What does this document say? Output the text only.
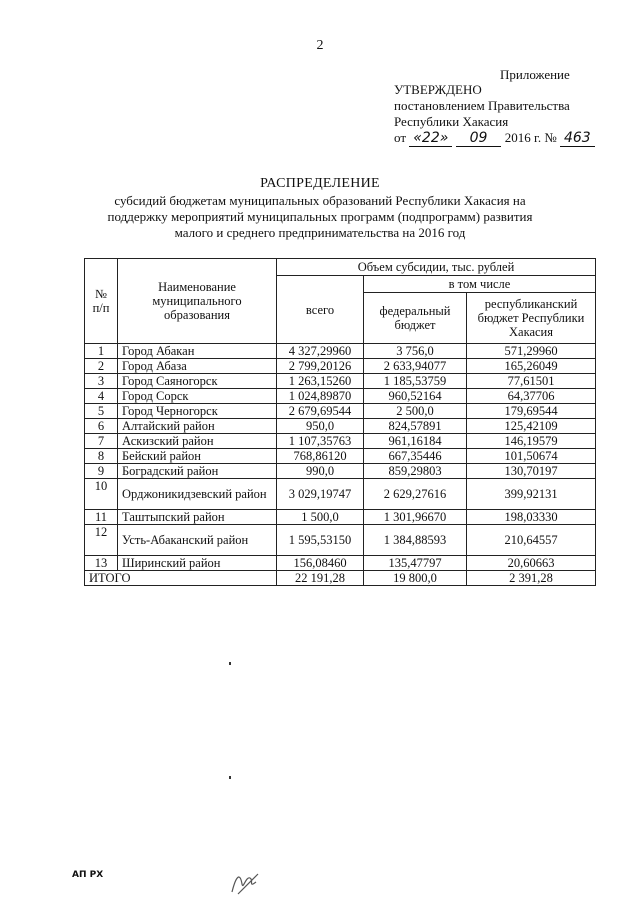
2
Приложение
УТВЕРЖДЕНО
постановлением Правительства
Республики Хакасия
от «22» 09 2016 г. № 463
РАСПРЕДЕЛЕНИЕ
субсидий бюджетам муниципальных образований Республики Хакасия на поддержку мероприятий муниципальных программ (подпрограмм) развития малого и среднего предпринимательства на 2016 год
№ п/п	Наименование муниципального образования	Объем субсидии, тыс. рублей		
		всего	в том числе	
			федеральный бюджет	республиканский бюджет Республики Хакасия
1	Город Абакан	4 327,29960	3 756,0	571,29960
2	Город Абаза	2 799,20126	2 633,94077	165,26049
3	Город Саяногорск	1 263,15260	1 185,53759	77,61501
4	Город Сорск	1 024,89870	960,52164	64,37706
5	Город Черногорск	2 679,69544	2 500,0	179,69544
6	Алтайский район	950,0	824,57891	125,42109
7	Аскизский район	1 107,35763	961,16184	146,19579
8	Бейский район	768,86120	667,35446	101,50674
9	Боградский район	990,0	859,29803	130,70197
10	Орджоникидзевский район	3 029,19747	2 629,27616	399,92131
11	Таштыпский район	1 500,0	1 301,96670	198,03330
12	Усть-Абаканский район	1 595,53150	1 384,88593	210,64557
13	Ширинский район	156,08460	135,47797	20,60663
ИТОГО		22 191,28	19 800,0	2 391,28
АП РХ
